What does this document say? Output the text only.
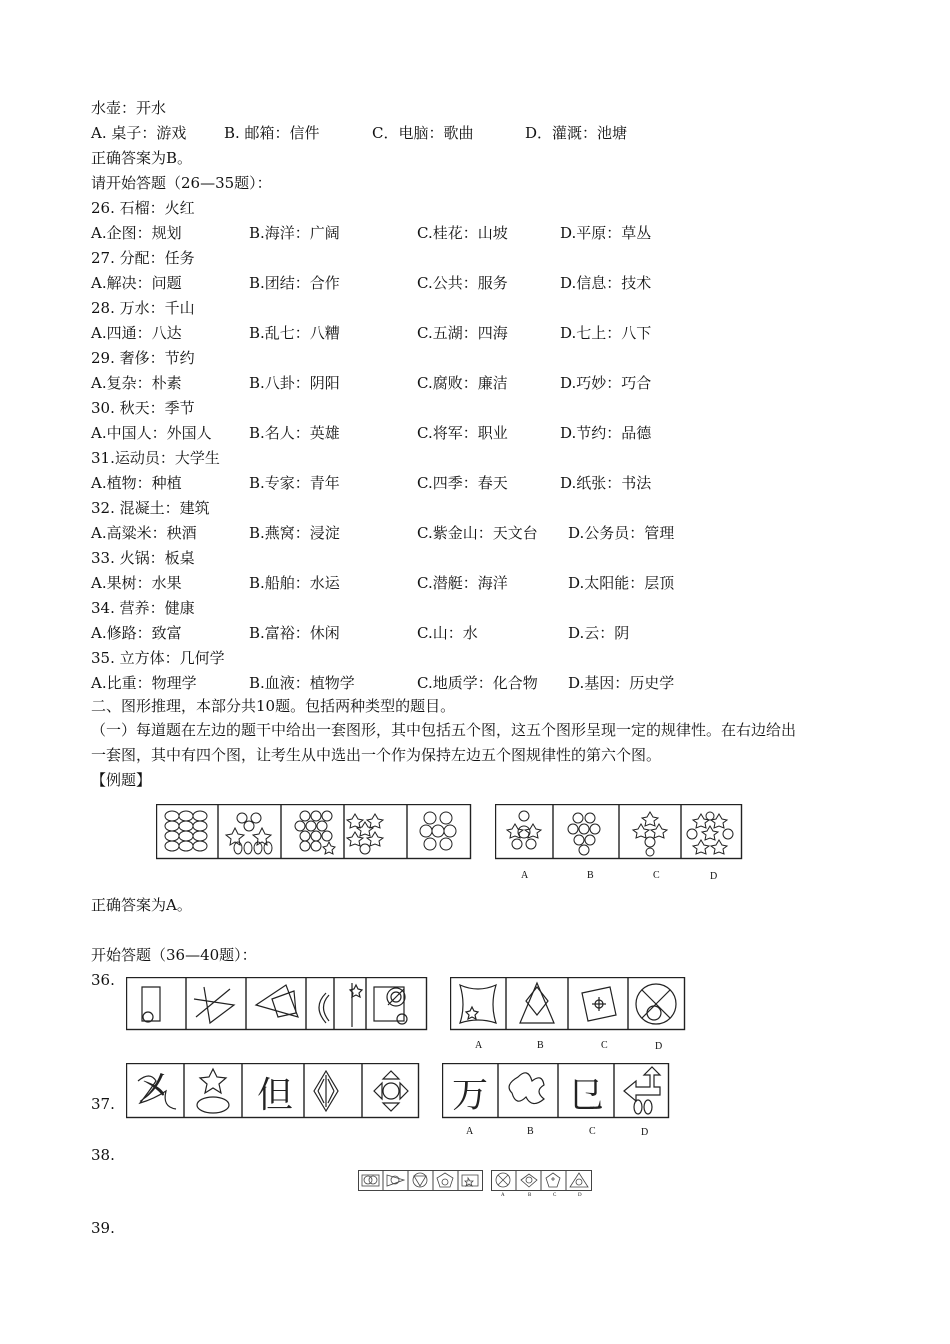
水壶：开水
A. 桌子：游戏	B. 邮箱：信件	C．电脑：歌曲	D．灌溉：池塘
正确答案为B。
请开始答题（26—35题）：
26. 石榴：火红
A.企图：规划	B.海洋：广阔	C.桂花：山坡	D.平原：草丛
27. 分配：任务
A.解决：问题	B.团结：合作	C.公共：服务	D.信息：技术
28. 万水：千山
A.四通：八达	B.乱七：八糟	C.五湖：四海	D.七上：八下
29. 奢侈：节约
A.复杂：朴素	B.八卦：阴阳	C.腐败：廉洁	D.巧妙：巧合
30. 秋天：季节
A.中国人：外国人 B.名人：英雄	C.将军：职业	D.节约：品德
31.运动员：大学生
A.植物：种植	B.专家：青年	C.四季：春天	D.纸张：书法
32. 混凝土：建筑
A.高粱米：秧酒	B.燕窝：浸淀	C.紫金山：天文台 D.公务员：管理
33. 火锅：板桌
A.果树：水果	B.船舶：水运	C.潜艇：海洋	D.太阳能：层顶
34. 营养：健康
A.修路：致富	B.富裕：休闲	C.山：水	D.云：阴
35. 立方体：几何学
A.比重：物理学	B.血液：植物学	C.地质学：化合物 D.基因：历史学
二、图形推理，本部分共10题。包括两种类型的题目。
（一）每道题在左边的题干中给出一套图形，其中包括五个图，这五个图形呈现一定的规律性。在右边给出
一套图，其中有四个图，让考生从中选出一个作为保持左边五个图规律性的第六个图。
【例题】
A	B	C	D
正确答案为A。
开始答题（36—40题）：
36.
A	B	C	D
37.	但	万 㔾
A	B	C	D
38.
A	B	C	D
39.
㐅
